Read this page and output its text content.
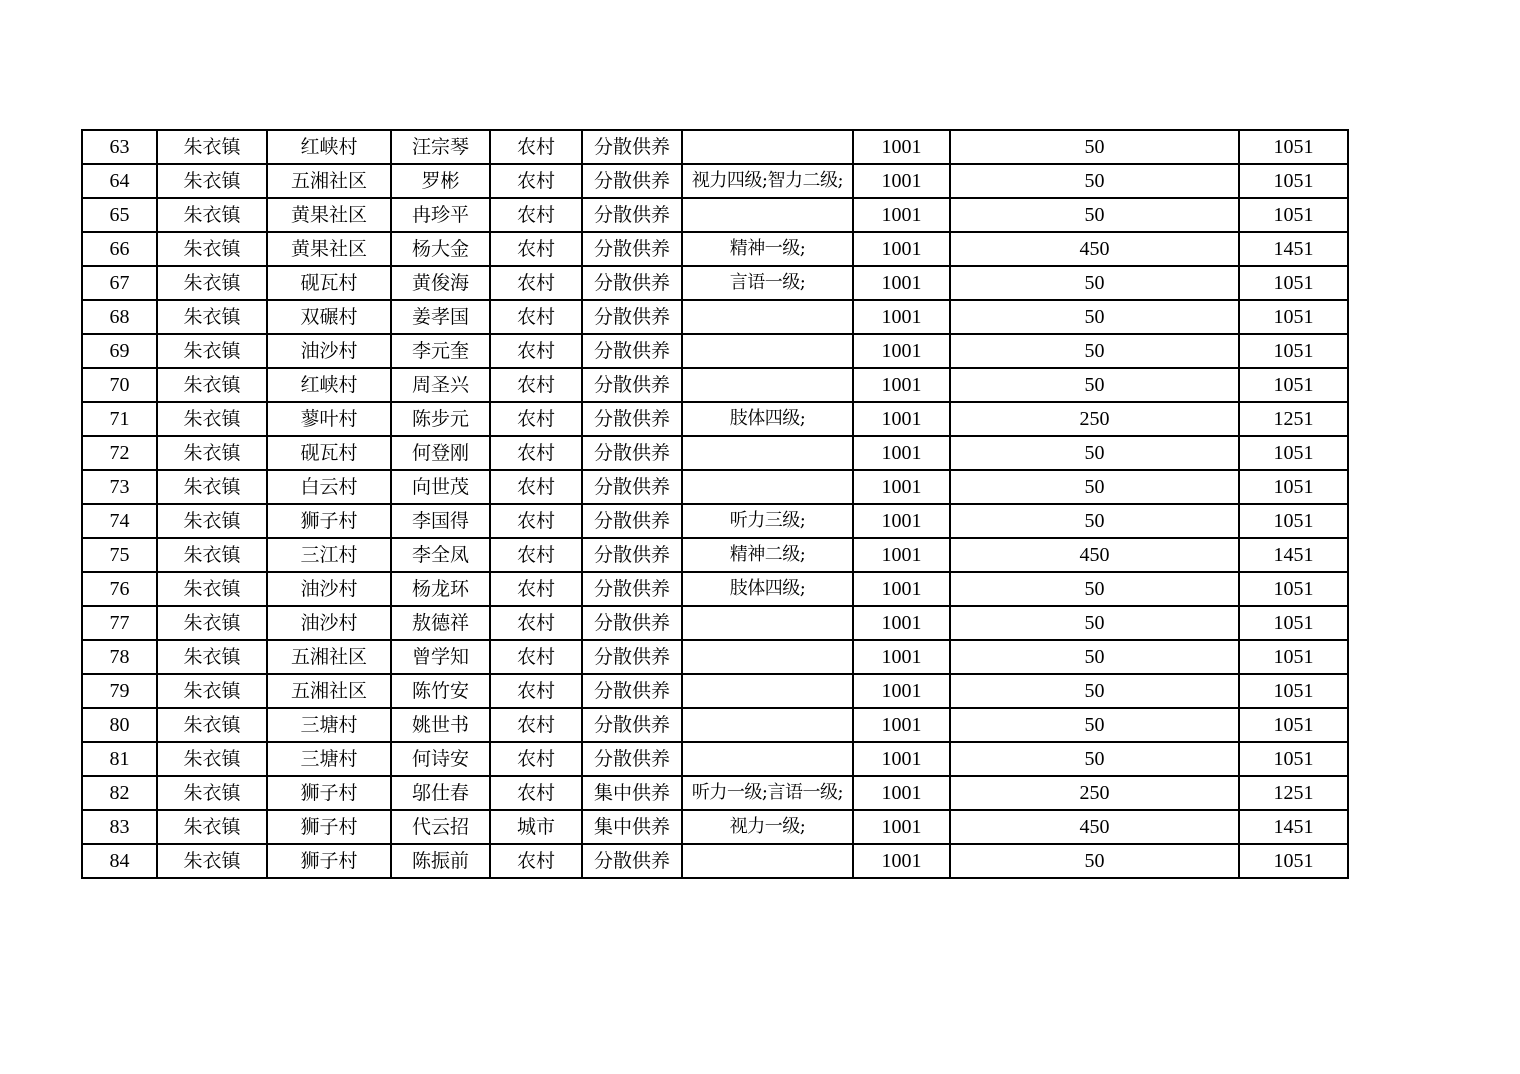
63	朱衣镇	红峡村	汪宗琴	农村	分散供养		1001	50	1051
64	朱衣镇	五湘社区	罗彬	农村	分散供养	视力四级;智力二级;	1001	50	1051
65	朱衣镇	黄果社区	冉珍平	农村	分散供养		1001	50	1051
66	朱衣镇	黄果社区	杨大金	农村	分散供养	精神一级;	1001	450	1451
67	朱衣镇	砚瓦村	黄俊海	农村	分散供养	言语一级;	1001	50	1051
68	朱衣镇	双碾村	姜孝国	农村	分散供养		1001	50	1051
69	朱衣镇	油沙村	李元奎	农村	分散供养		1001	50	1051
70	朱衣镇	红峡村	周圣兴	农村	分散供养		1001	50	1051
71	朱衣镇	蓼叶村	陈步元	农村	分散供养	肢体四级;	1001	250	1251
72	朱衣镇	砚瓦村	何登刚	农村	分散供养		1001	50	1051
73	朱衣镇	白云村	向世茂	农村	分散供养		1001	50	1051
74	朱衣镇	狮子村	李国得	农村	分散供养	听力三级;	1001	50	1051
75	朱衣镇	三江村	李全凤	农村	分散供养	精神二级;	1001	450	1451
76	朱衣镇	油沙村	杨龙环	农村	分散供养	肢体四级;	1001	50	1051
77	朱衣镇	油沙村	敖德祥	农村	分散供养		1001	50	1051
78	朱衣镇	五湘社区	曾学知	农村	分散供养		1001	50	1051
79	朱衣镇	五湘社区	陈竹安	农村	分散供养		1001	50	1051
80	朱衣镇	三塘村	姚世书	农村	分散供养		1001	50	1051
81	朱衣镇	三塘村	何诗安	农村	分散供养		1001	50	1051
82	朱衣镇	狮子村	邬仕春	农村	集中供养	听力一级;言语一级;	1001	250	1251
83	朱衣镇	狮子村	代云招	城市	集中供养	视力一级;	1001	450	1451
84	朱衣镇	狮子村	陈振前	农村	分散供养		1001	50	1051
